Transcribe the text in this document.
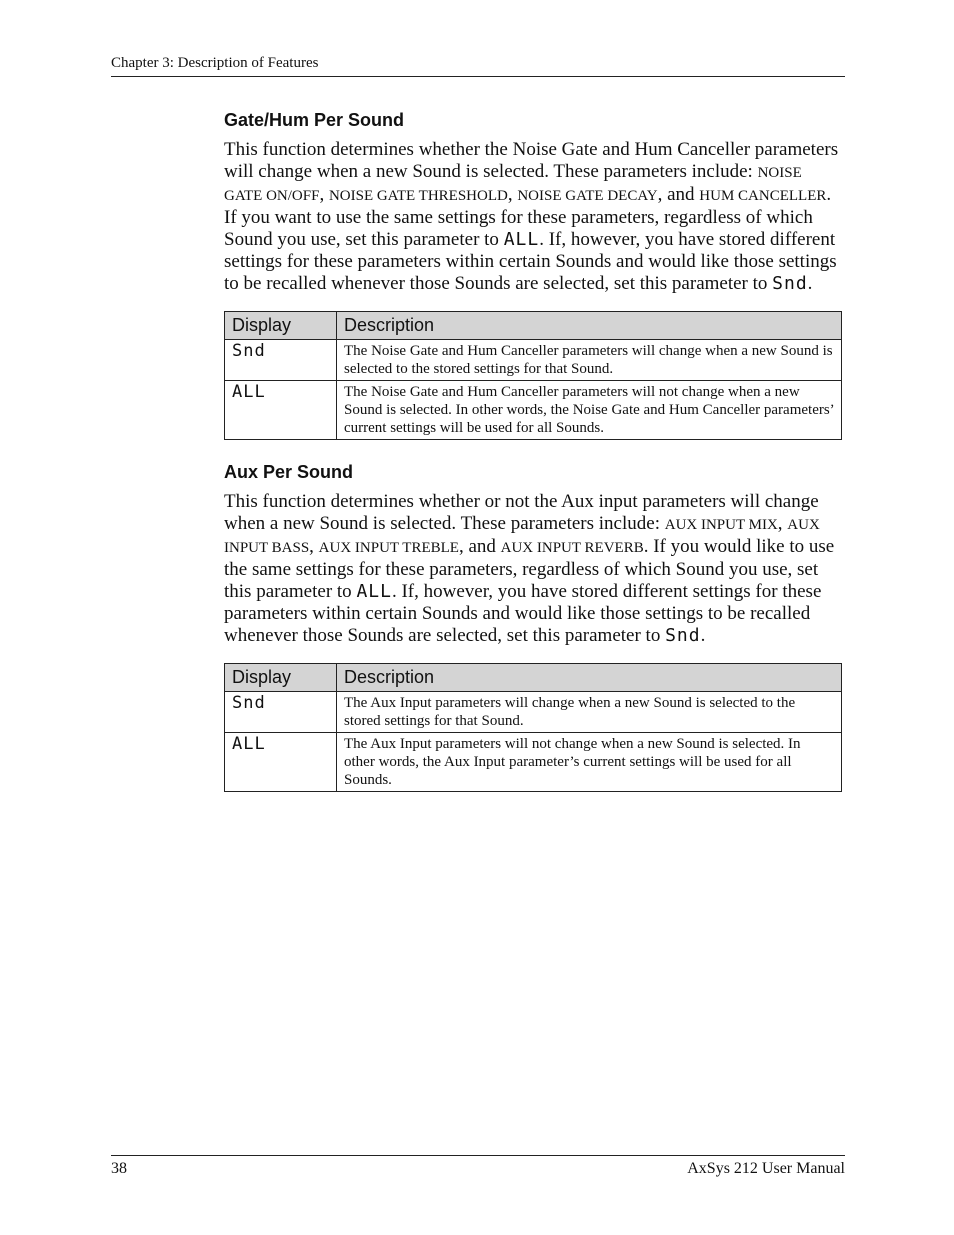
Chapter 3: Description of Features
Gate/Hum Per Sound

This function determines whether the Noise Gate and Hum Canceller parameters will change when a new Sound is selected. These parameters include: NOISE GATE ON/OFF, NOISE GATE THRESHOLD, NOISE GATE DECAY, and HUM CANCELLER. If you want to use the same settings for these parameters, regardless of which Sound you use, set this parameter to ALL. If, however, you have stored different settings for these parameters within certain Sounds and would like those settings to be recalled whenever those Sounds are selected, set this parameter to Snd.

Display	Description
Snd	The Noise Gate and Hum Canceller parameters will change when a new Sound is selected to the stored settings for that Sound.
ALL	The Noise Gate and Hum Canceller parameters will not change when a new Sound is selected. In other words, the Noise Gate and Hum Canceller parameters’ current settings will be used for all Sounds.
Aux Per Sound

This function determines whether or not the Aux input parameters will change when a new Sound is selected. These parameters include: AUX INPUT MIX, AUX INPUT BASS, AUX INPUT TREBLE, and AUX INPUT REVERB. If you would like to use the same settings for these parameters, regardless of which Sound you use, set this parameter to ALL. If, however, you have stored different settings for these parameters within certain Sounds and would like those settings to be recalled whenever those Sounds are selected, set this parameter to Snd.

Display	Description
Snd	The Aux Input parameters will change when a new Sound is selected to the stored settings for that Sound.
ALL	The Aux Input parameters will not change when a new Sound is selected. In other words, the Aux Input parameter’s current settings will be used for all Sounds.
38	AxSys 212 User Manual
